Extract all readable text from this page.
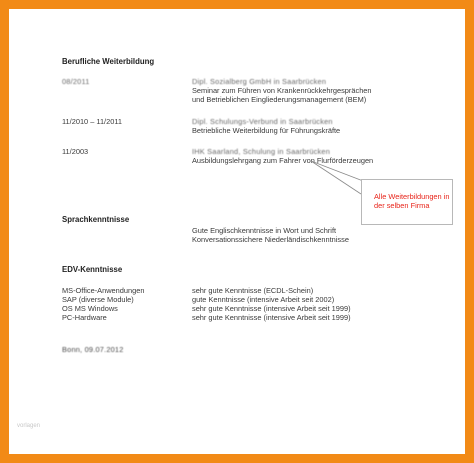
Berufliche Weiterbildung
08/2011	Dipl. Sozialberg GmbH in Saarbrücken
Seminar zum Führen von Krankenrückkehrgesprächen
und Betrieblichen Eingliederungsmanagement (BEM)
11/2010 – 11/2011	Dipl. Schulungs-Verbund in Saarbrücken
Betriebliche Weiterbildung für Führungskräfte
11/2003	IHK Saarland, Schulung in Saarbrücken
Ausbildungslehrgang zum Fahrer von Flurförderzeugen
Alle Weiterbildungen in der selben Firma
Sprachkenntnisse
Gute Englischkenntnisse in Wort und Schrift
Konversationssichere Niederländischkenntnisse
EDV-Kenntnisse
MS-Office-Anwendungen	sehr gute Kenntnisse (ECDL-Schein)
SAP (diverse Module)	gute Kenntnisse (intensive Arbeit seit 2002)
OS MS Windows	sehr gute Kenntnisse (intensive Arbeit seit 1999)
PC-Hardware	sehr gute Kenntnisse (intensive Arbeit seit 1999)
Bonn, 09.07.2012
vorlagen
